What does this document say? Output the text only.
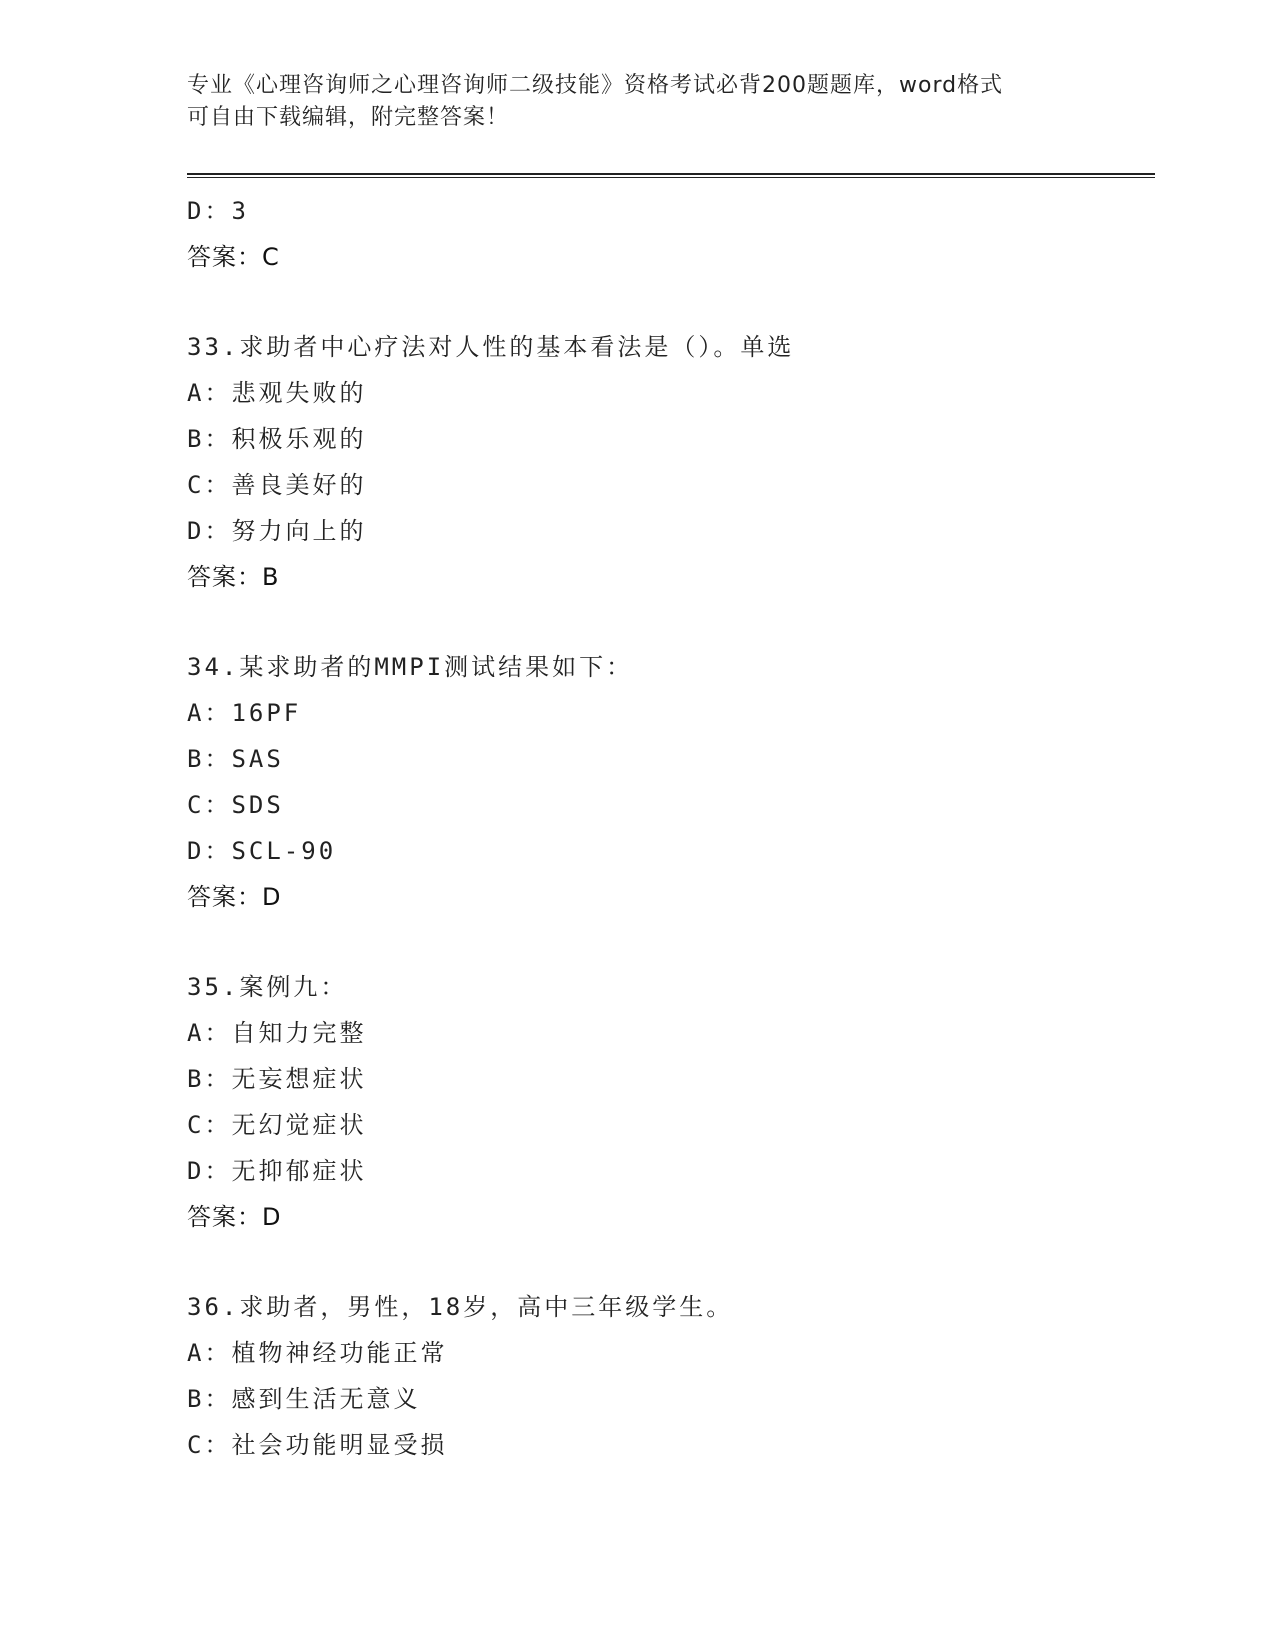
专业《心理咨询师之心理咨询师二级技能》资格考试必背200题题库，word格式
可自由下载编辑，附完整答案！
D：3
答案：C
33.求助者中心疗法对人性的基本看法是（）。单选
A：悲观失败的
B：积极乐观的
C：善良美好的
D：努力向上的
答案：B
34.某求助者的MMPI测试结果如下：
A：16PF
B：SAS
C：SDS
D：SCL-90
答案：D
35.案例九：
A：自知力完整
B：无妄想症状
C：无幻觉症状
D：无抑郁症状
答案：D
36.求助者，男性，18岁，高中三年级学生。
A：植物神经功能正常
B：感到生活无意义
C：社会功能明显受损
